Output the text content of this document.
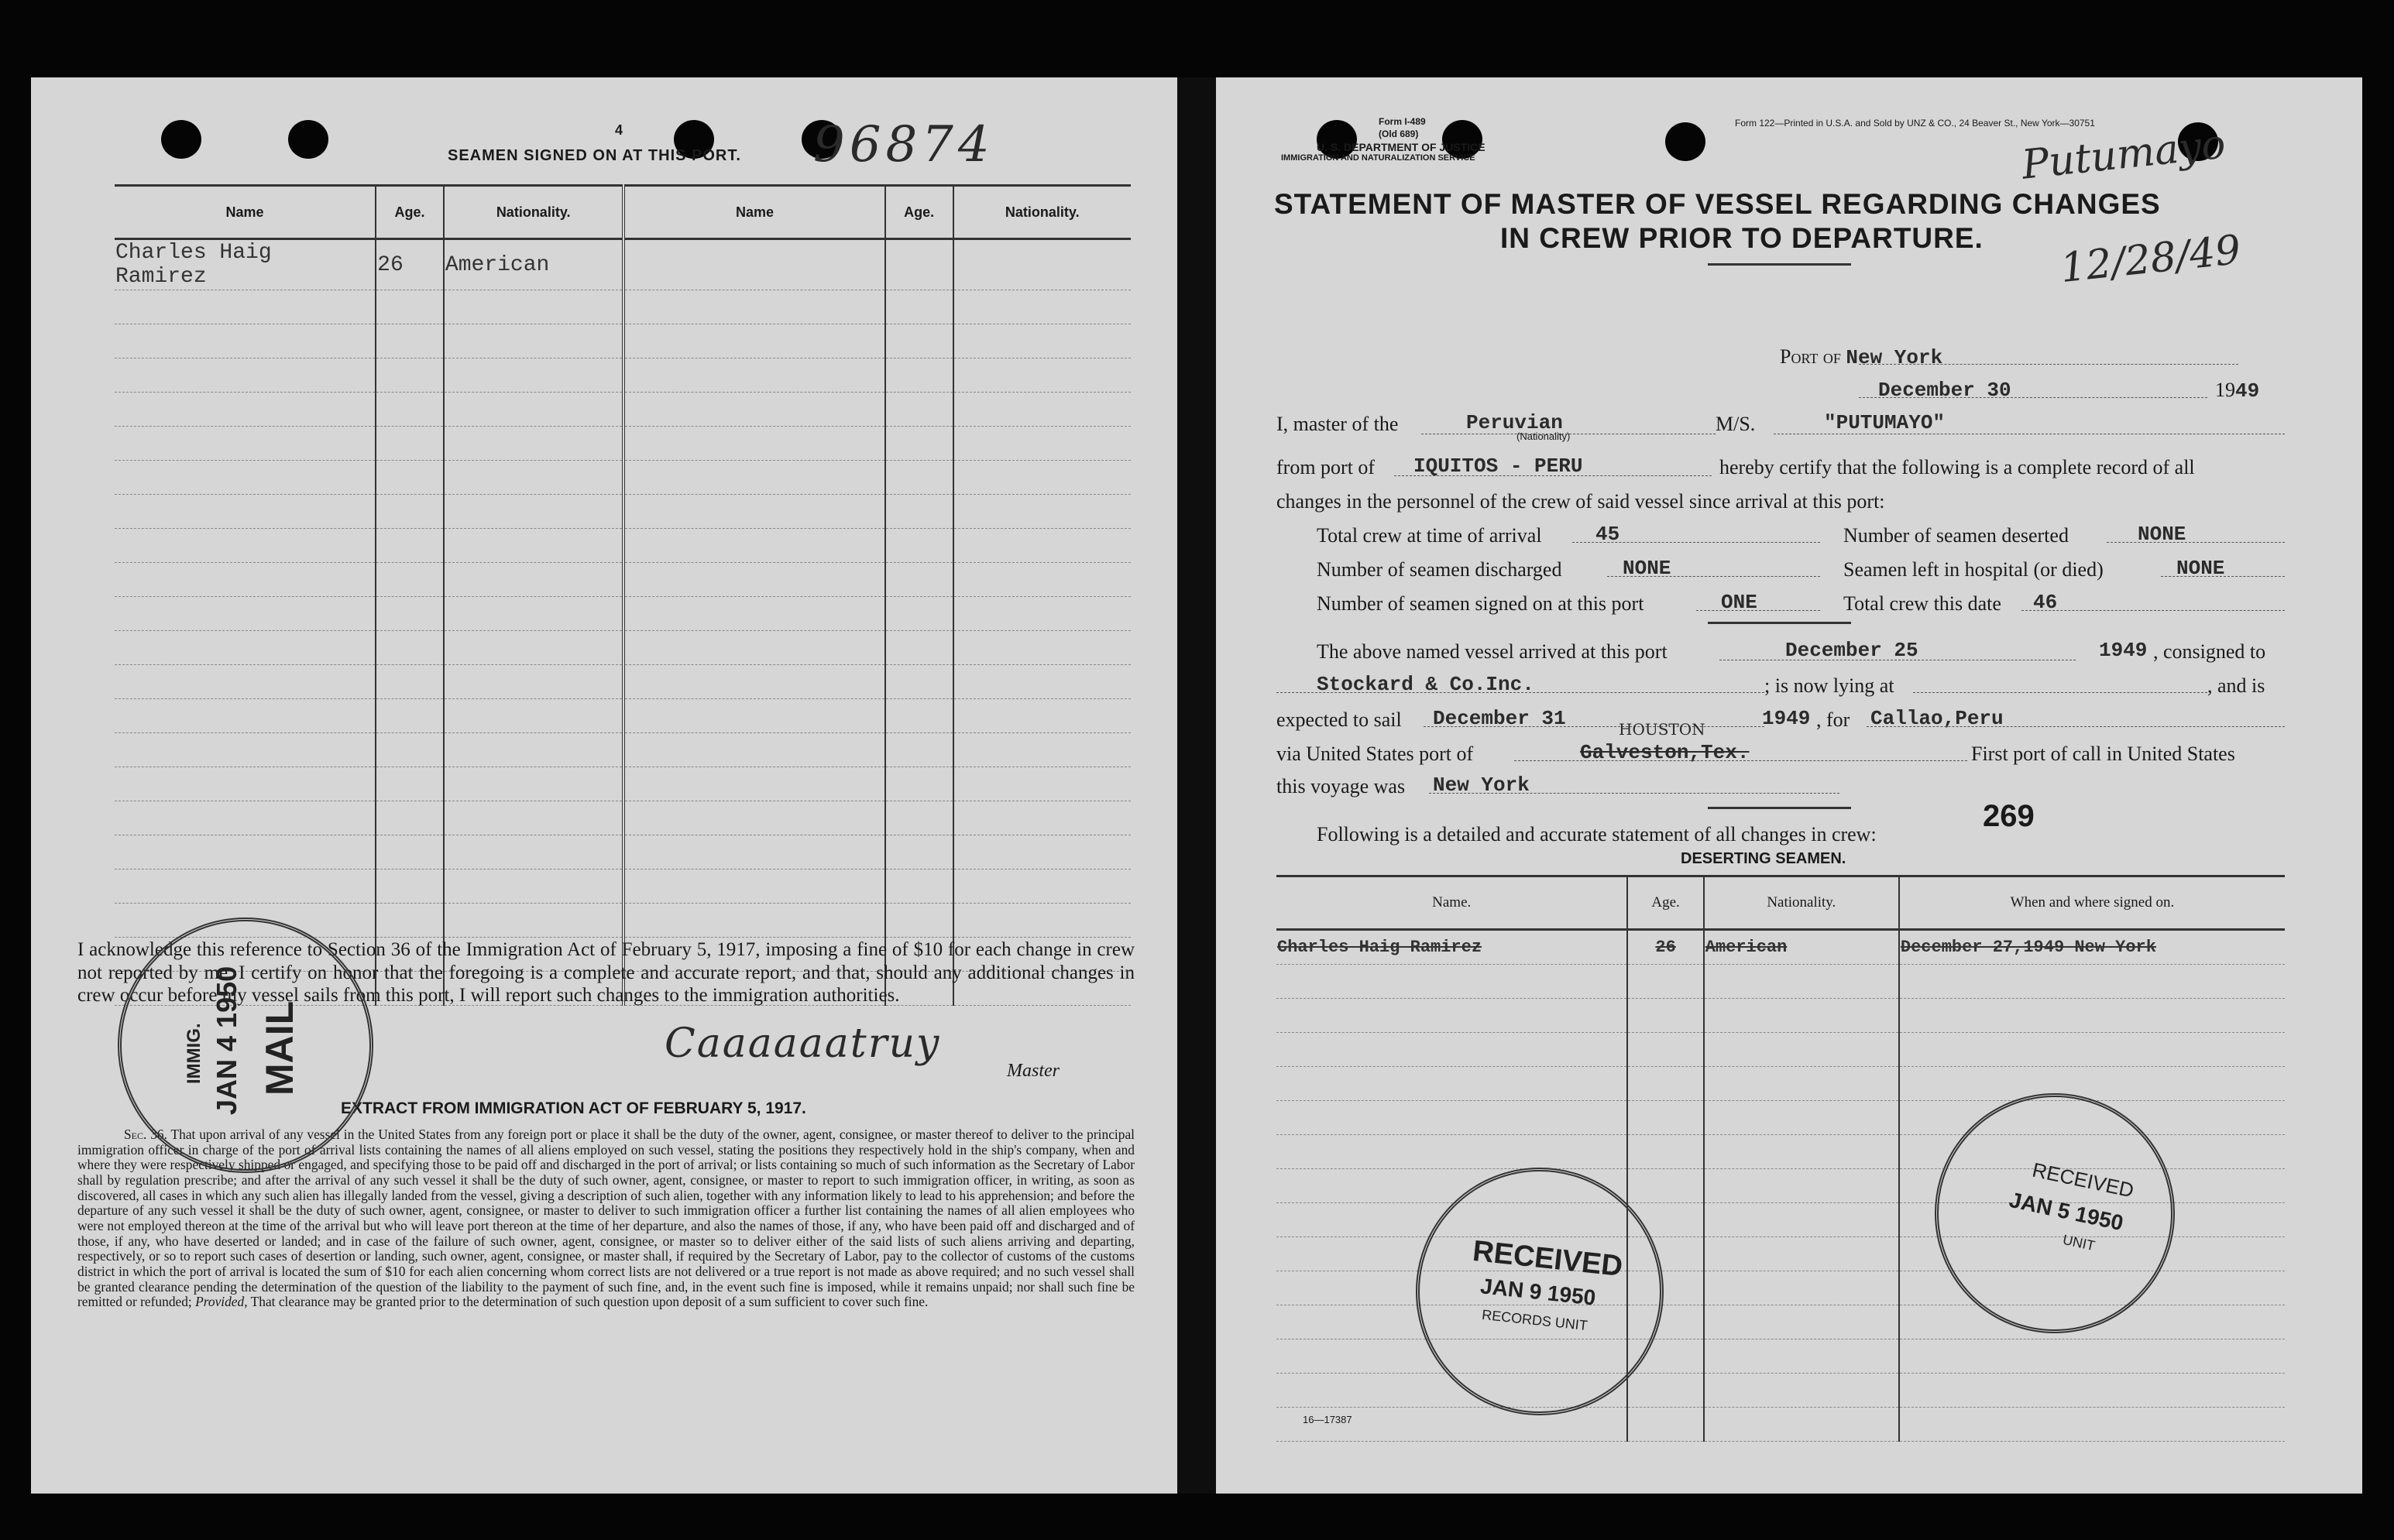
4
SEAMEN SIGNED ON AT THIS PORT. 96874
Name	Age.	Nationality.	Name	Age.	Nationality.
Charles Haig Ramirez	26	American			

I acknowledge this reference to Section 36 of the Immigration Act of February 5, 1917, imposing a fine of $10 for each change in crew not reported by me. I certify on honor that the foregoing is a complete and accurate report, and that, should any additional changes in crew occur before my vessel sails from this port, I will report such changes to the immigration authorities.
⁠Caaaaaatruy
Master
EXTRACT FROM IMMIGRATION ACT OF FEBRUARY 5, 1917.
Sec. 36. That upon arrival of any vessel in the United States from any foreign port or place it shall be the duty of the owner, agent, consignee, or master thereof to deliver to the principal immigration officer in charge of the port of arrival lists containing the names of all aliens employed on such vessel, stating the positions they respectively hold in the ship's company, when and where they were respectively shipped or engaged, and specifying those to be paid off and discharged in the port of arrival; or lists containing so much of such information as the Secretary of Labor shall by regulation prescribe; and after the arrival of any such vessel it shall be the duty of such owner, agent, consignee, or master to report to such immigration officer, in writing, as soon as discovered, all cases in which any such alien has illegally landed from the vessel, giving a description of such alien, together with any information likely to lead to his apprehension; and before the departure of any such vessel it shall be the duty of such owner, agent, consignee, or master to deliver to such immigration officer a further list containing the names of all alien employees who were not employed thereon at the time of the arrival but who will leave port thereon at the time of her departure, and also the names of those, if any, who have been paid off and discharged and of those, if any, who have deserted or landed; and in case of the failure of such owner, agent, consignee, or master so to deliver either of the said lists of such aliens arriving and departing, respectively, or so to report such cases of desertion or landing, such owner, agent, consignee, or master shall, if required by the Secretary of Labor, pay to the collector of customs of the customs district in which the port of arrival is located the sum of $10 for each alien concerning whom correct lists are not delivered or a true report is not made as above required; and no such vessel shall be granted clearance pending the determination of the question of the liability to the payment of such fine, and, in the event such fine is imposed, while it remains unpaid; nor shall such fine be remitted or refunded; Provided, That clearance may be granted prior to the determination of such question upon deposit of a sum sufficient to cover such fine.
IMMIG. JAN 4 1950 MAIL
Form I-489
(Old 689)
U. S. DEPARTMENT OF JUSTICE
IMMIGRATION AND NATURALIZATION SERVICE
Form 122—Printed in U.S.A. and Sold by UNZ & CO., 24 Beaver St., New York—30751
Putumayo
12/28/49
STATEMENT OF MASTER OF VESSEL REGARDING CHANGES
IN CREW PRIOR TO DEPARTURE.
Port of New York
December 30	1949
I, master of the	Peruvian
(Nationality)
M/S.	"PUTUMAYO"
from port of IQUITOS - PERU	hereby certify that the following is a complete record of all
changes in the personnel of the crew of said vessel since arrival at this port:
Total crew at time of arrival	45	Number of seamen deserted	NONE
Number of seamen discharged	NONE	Seamen left in hospital (or died)	NONE
Number of seamen signed on at this port	ONE	Total crew this date 46
The above named vessel arrived at this port	December 25	1949 , consigned to
Stockard & Co.Inc.	; is now lying at	, and is
expected to sail December 31	1949 , for Callao,Peru
HOUSTON
via United States port of	Galveston,Tex.	First port of call in United States
this voyage was New York
Following is a detailed and accurate statement of all changes in crew:
269
DESERTING SEAMEN.
Name.	Age.	Nationality.	When and where signed on.
Charles Haig Ramirez	26	American	December 27,1949 New York

16—17387
RECEIVED
JAN 9 1950
RECORDS UNIT
RECEIVED
JAN 5 1950
UNIT
